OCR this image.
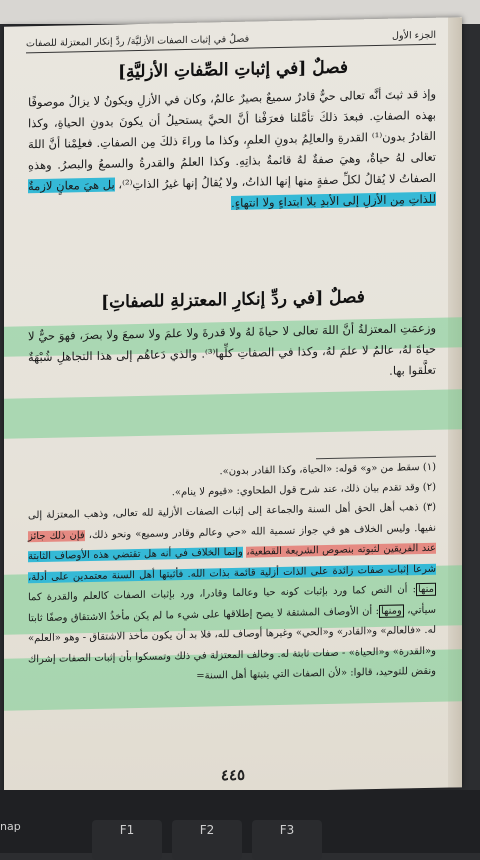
الجزء الأول
فصلٌ في إثبات الصفات الأزليَّة/ ردَّ إنكار المعتزلة للصفات
فصلٌ [في إثباتِ الصِّفاتِ الأزليَّةِ]
وإذ قد ثبتَ أنَّه تعالى حيٌّ قادرٌ سميعٌ بصيرٌ عالمٌ، وكان في الأزلِ ويكونُ لا يزالُ موصوفًا بهذه الصفاتِ. فبعدَ ذلكَ تأمَّلنا فعرَفْنا أنَّ الحيَّ يستحيلُ أن يكونَ بدونِ الحياةِ، وكذا القادرُ بدون⁽¹⁾ القدرةِ والعالِمُ بدونِ العلمِ، وكذا ما وراءَ ذلكَ مِن الصفاتِ. فعلِمْنا أنَّ اللهَ تعالى لهُ حياةٌ، وهيَ صفةٌ لهُ قائمةٌ بذاتِهِ. وكذا العلمُ والقدرةُ والسمعُ والبصرُ. وهذهِ الصفاتُ لا يُقالُ لكلِّ صفةٍ منها إنها الذاتُ، ولا يُقالُ إنها غيرُ الذاتِ⁽²⁾، بل هيَ معانٍ لازمةٌ للذاتِ مِن الأزلِ إلى الأبدِ بلا ابتداءٍ ولا انتهاءٍ.
فصلٌ [في ردِّ إنكارِ المعتزلةِ للصفاتِ]
وزعمَتِ المعتزلةُ أنَّ اللهَ تعالى لا حياةَ لهُ ولا قدرةَ ولا علمَ ولا سمعَ ولا بصرَ، فهوَ حيٌّ لا حياةَ لهُ، عالمٌ لا علمَ لهُ، وكذا في الصفاتِ كلِّها⁽³⁾. والذي دَعاهُم إلى هذا التجاهلِ شُبْهَةٌ تعلَّقوا بها.
(١) سقط من «و» قوله: «الحياة، وكذا القادر بدون».
(٢) وقد تقدم بيان ذلك، عند شرح قول الطحاوي: «قيوم لا ينام».
(٣) ذهب أهل الحق أهل السنة والجماعة إلى إثبات الصفات الأزلية لله تعالى، وذهب المعتزلة إلى نفيها. وليس الخلاف هو في جواز تسمية الله «حي وعالم وقادر وسميع» ونحو ذلك، فإن ذلك جائز عند الفريقين لثبوته بنصوص الشريعة القطعية، وإنما الخلاف في أنه هل تقتضي هذه الأوصاف الثابتة شرعا إثبات صفات زائدة على الذات أزلية قائمة بذات الله. فأثبتها أهل السنة معتمدين على أدلة، منها: أن النص كما ورد بإثبات كونه حيا وعالما وقادرا، ورد بإثبات الصفات كالعلم والقدرة كما سيأتي، ومنها: أن الأوصاف المشتقة لا يصح إطلاقها على شيء ما لم يكن مأخذُ الاشتقاق وصفًا ثابتا له. «فالعالم» و«القادر» و«الحي» وغيرها أوصاف لله، فلا بد أن يكون مأخذ الاشتقاق - وهو «العلم» و«القدرة» و«الحياة» - صفات ثابتة له. وخالف المعتزلة في ذلك وتمسكوا بأن إثبات الصفات إشراك ونقض للتوحيد، قالوا: «لأن الصفات التي يثبتها أهل السنة=
٤٤٥
nap	F1	F2	F3
